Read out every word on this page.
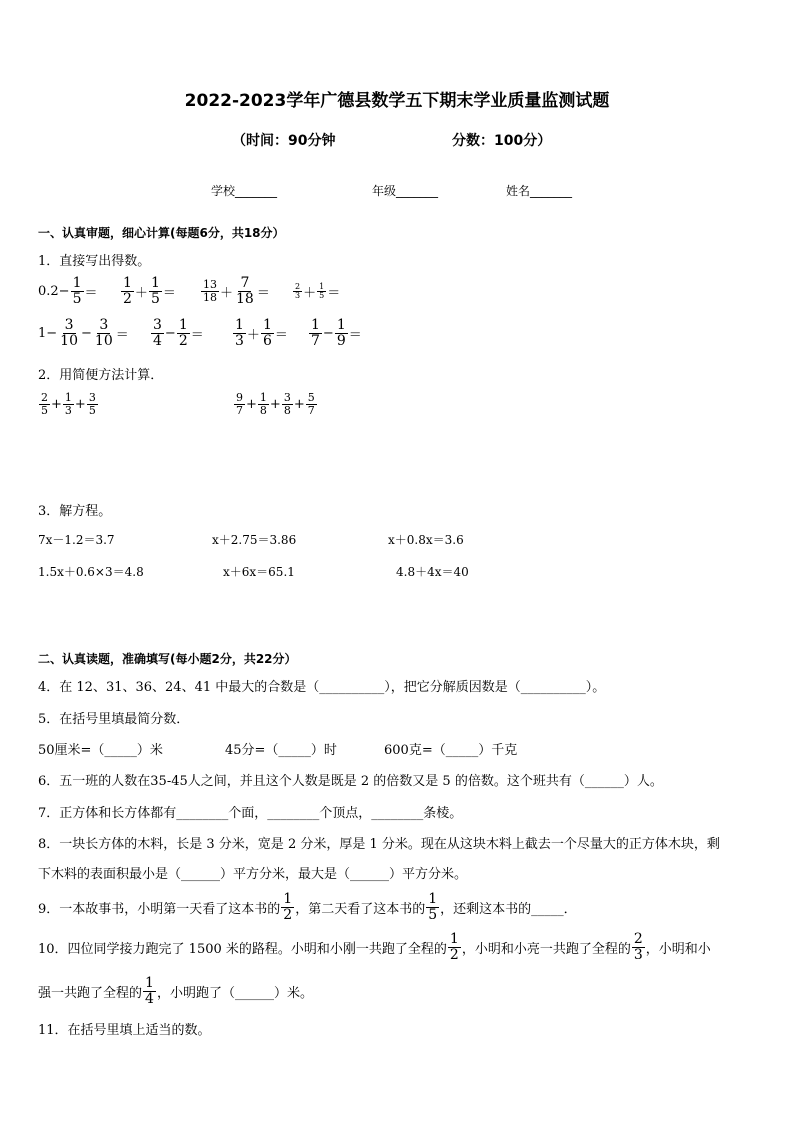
2022-2023学年广德县数学五下期末学业质量监测试题
（时间：90分钟	分数：100分）
学校_______	年级_______	姓名_______
一、认真审题，细心计算(每题6分，共18分）
1．直接写出得数。
$0.2- \frac{1}{5} = \frac{1}{2} + \frac{1}{5} = \frac{13}{18} + \frac{7}{18}$ ＝	$\frac{2}{3} + \frac{1}{5}$ ＝
$1- \frac{3}{10} - \frac{3}{10} = \frac{3}{4} - \frac{1}{2} = \frac{1}{3} + \frac{1}{6} = \frac{1}{7} - \frac{1}{9}$ ＝
2．用简便方法计算．
$\frac{2}{5} + \frac{1}{3} + \frac{3}{5}$	$\frac{9}{7} + \frac{1}{8} + \frac{3}{8} + \frac{5}{7}$
3．解方程。
7x－1.2＝3.7	x＋2.75＝3.86	x＋0.8x＝3.6
1.5x＋0.6×3＝4.8	x＋6x＝65.1	4.8＋4x＝40
二、认真读题，准确填写(每小题2分，共22分）
4．在 12、31、36、24、41 中最大的合数是（__________），把它分解质因数是（__________）。
5．在括号里填最简分数．
50厘米=（_____）米	45分=（_____）时	600克=（_____）千克
6．五一班的人数在35-45人之间，并且这个人数是既是 2 的倍数又是 5 的倍数。这个班共有（______）人。
7．正方体和长方体都有________个面，________个顶点，________条棱。
8．一块长方体的木料，长是 3 分米，宽是 2 分米，厚是 1 分米。现在从这块木料上截去一个尽量大的正方体木块，剩
下木料的表面积最小是（______）平方分米，最大是（______）平方分米。
9．一本故事书，小明第一天看了这本书的 $\frac{1}{2}$ ，第二天看了这本书的 $\frac{1}{5}$ ，还剩这本书的_____．
10．四位同学接力跑完了 1500 米的路程。小明和小刚一共跑了全程的 $\frac{1}{2}$ ，小明和小亮一共跑了全程的 $\frac{2}{3}$ ，小明和小
强一共跑了全程的 $\frac{1}{4}$ ，小明跑了（______）米。
11．在括号里填上适当的数。
